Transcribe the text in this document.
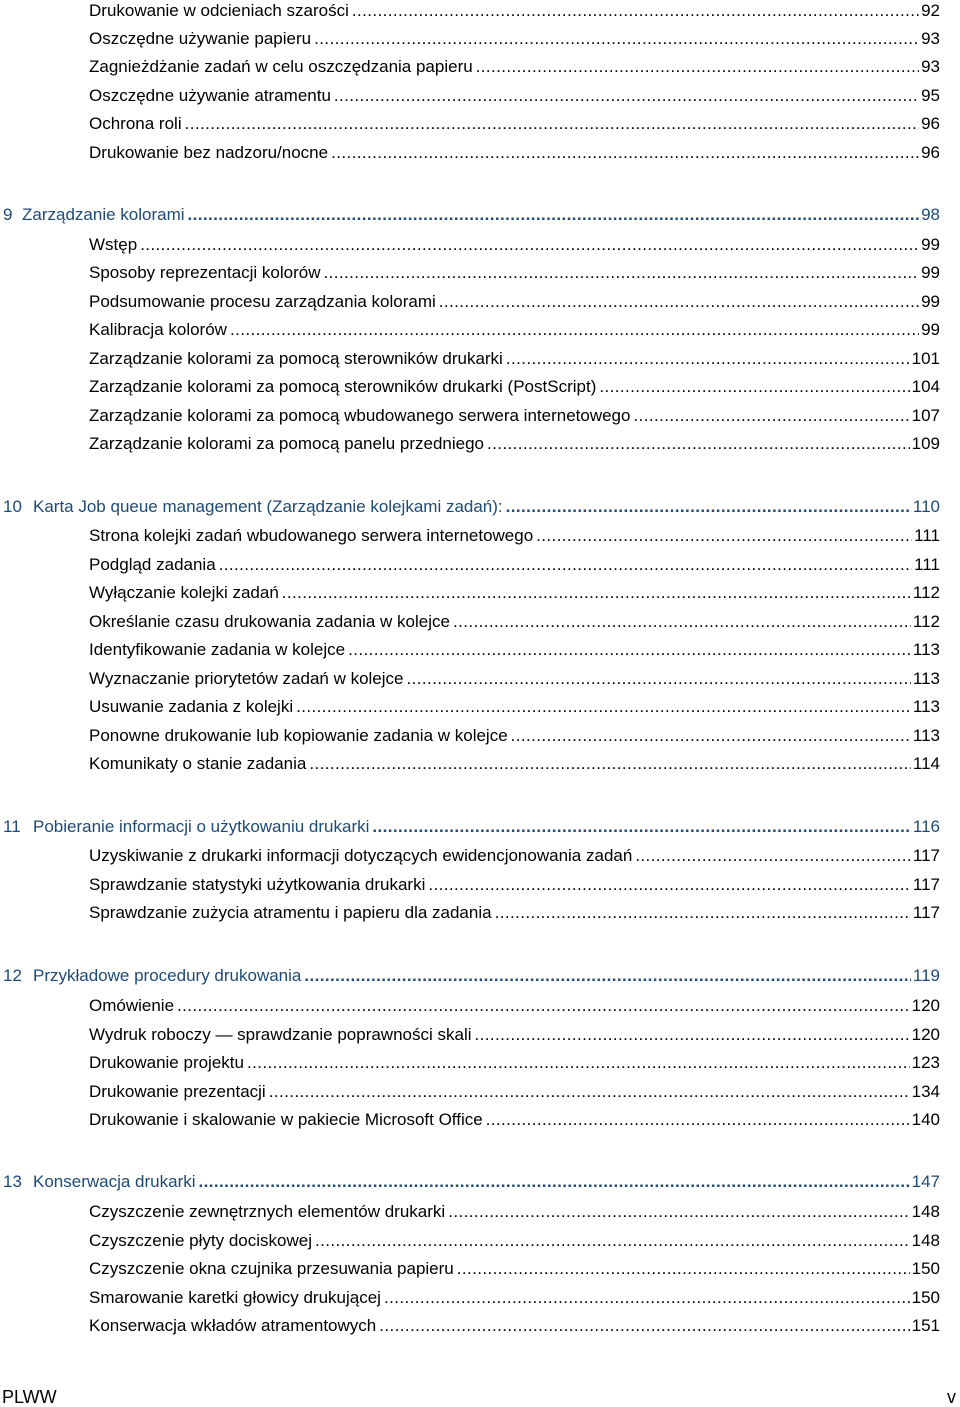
Drukowanie w odcieniach szarości .....	92
Oszczędne używanie papieru .....	93
Zagnieżdżanie zadań w celu oszczędzania papieru .....	93
Oszczędne używanie atramentu .....	95
Ochrona roli .....	96
Drukowanie bez nadzoru/nocne .....	96
9 Zarządzanie kolorami .....	98
Wstęp .....	99
Sposoby reprezentacji kolorów .....	99
Podsumowanie procesu zarządzania kolorami .....	99
Kalibracja kolorów .....	99
Zarządzanie kolorami za pomocą sterowników drukarki .....	101
Zarządzanie kolorami za pomocą sterowników drukarki (PostScript) .....	104
Zarządzanie kolorami za pomocą wbudowanego serwera internetowego .....	107
Zarządzanie kolorami za pomocą panelu przedniego .....	109
10 Karta Job queue management (Zarządzanie kolejkami zadań): .....	110
Strona kolejki zadań wbudowanego serwera internetowego .....	111
Podgląd zadania .....	111
Wyłączanie kolejki zadań .....	112
Określanie czasu drukowania zadania w kolejce .....	112
Identyfikowanie zadania w kolejce .....	113
Wyznaczanie priorytetów zadań w kolejce .....	113
Usuwanie zadania z kolejki .....	113
Ponowne drukowanie lub kopiowanie zadania w kolejce .....	113
Komunikaty o stanie zadania .....	114
11 Pobieranie informacji o użytkowaniu drukarki .....	116
Uzyskiwanie z drukarki informacji dotyczących ewidencjonowania zadań .....	117
Sprawdzanie statystyki użytkowania drukarki .....	117
Sprawdzanie zużycia atramentu i papieru dla zadania .....	117
12 Przykładowe procedury drukowania .....	119
Omówienie .....	120
Wydruk roboczy — sprawdzanie poprawności skali .....	120
Drukowanie projektu .....	123
Drukowanie prezentacji .....	134
Drukowanie i skalowanie w pakiecie Microsoft Office .....	140
13 Konserwacja drukarki .....	147
Czyszczenie zewnętrznych elementów drukarki .....	148
Czyszczenie płyty dociskowej .....	148
Czyszczenie okna czujnika przesuwania papieru .....	150
Smarowanie karetki głowicy drukującej .....	150
Konserwacja wkładów atramentowych .....	151
PLWW	v
